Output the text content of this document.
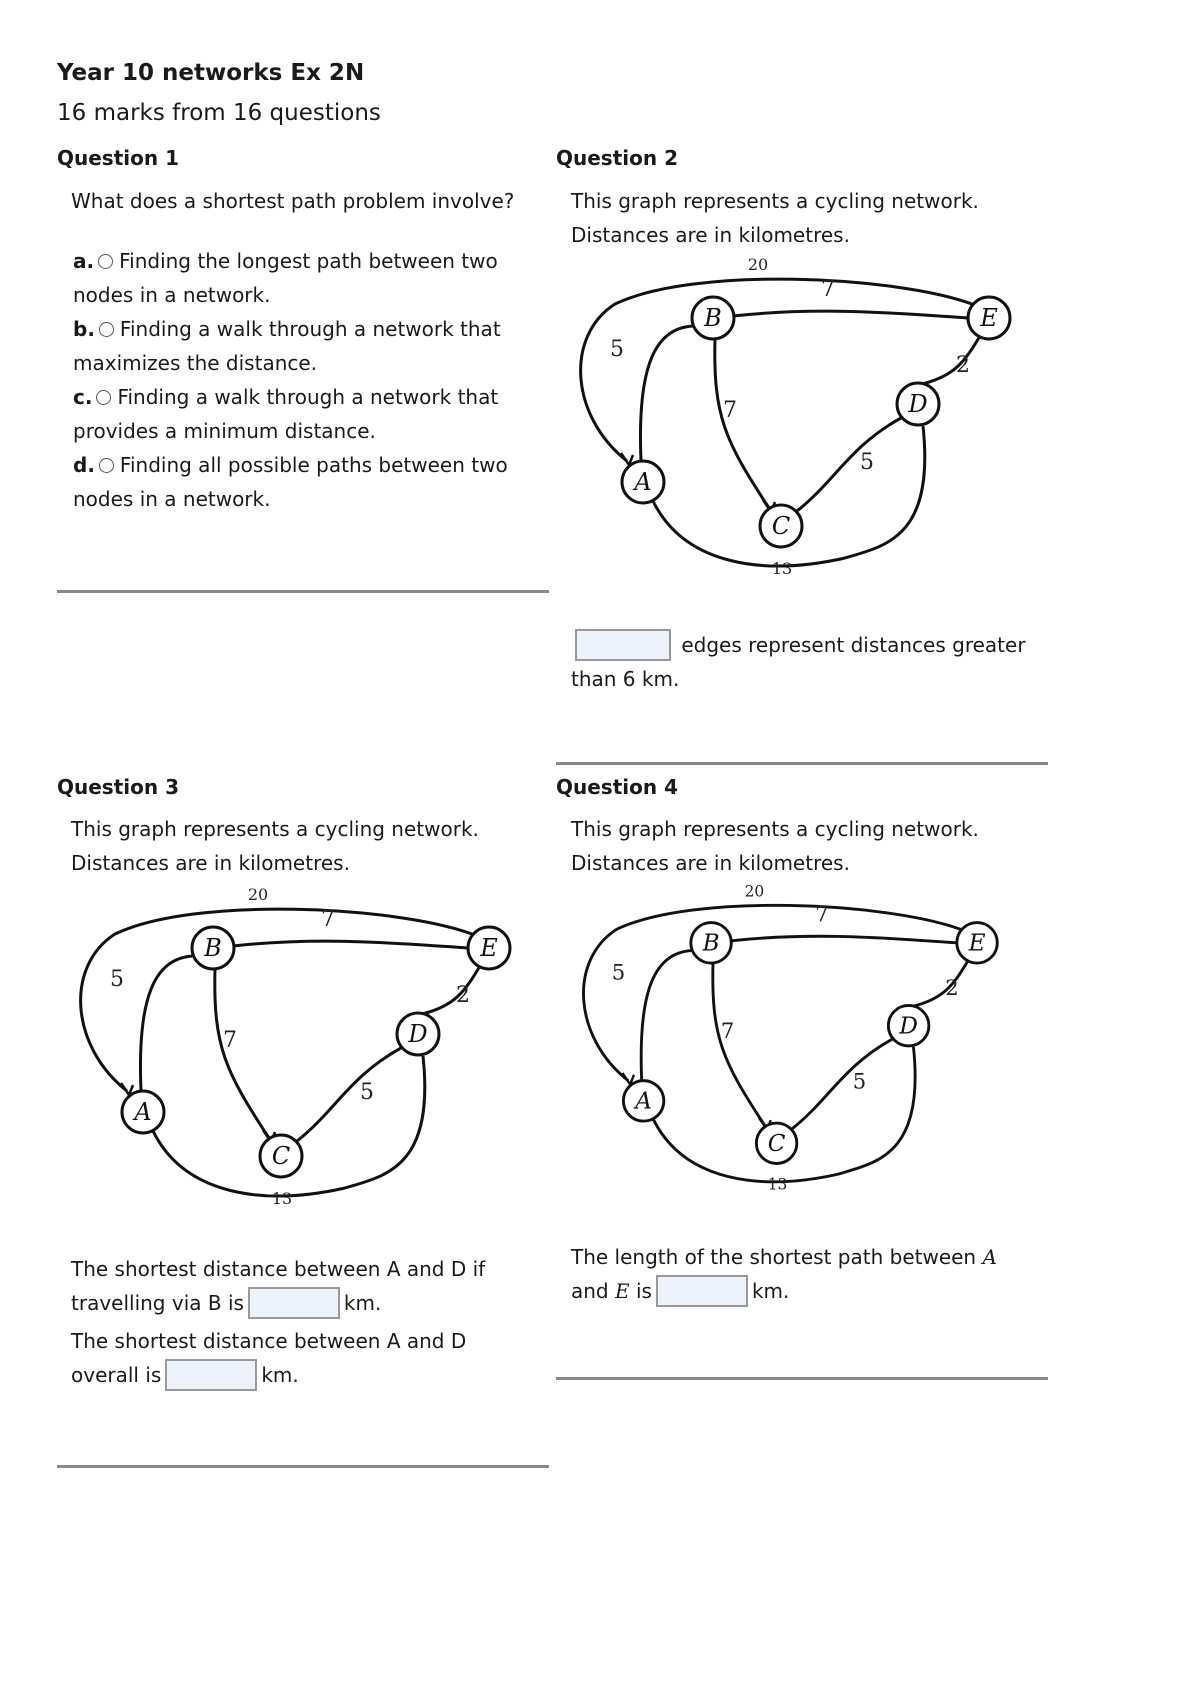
Year 10 networks Ex 2N
16 marks from 16 questions
Question 1
What does a shortest path problem involve?
a. Finding the longest path between two
nodes in a network.
b. Finding a walk through a network that
maximizes the distance.
c. Finding a walk through a network that
provides a minimum distance.
d. Finding all possible paths between two
nodes in a network.
Question 2
This graph represents a cycling network.
Distances are in kilometres.
20
7
5
7
2
5
13
A
B
C
D
E
edges represent distances greater
than 6 km.
Question 3
This graph represents a cycling network.
Distances are in kilometres.
20
7
5
7
2
5
13
A
B
C
D
E
The shortest distance between A and D if
travelling via B is	km.
The shortest distance between A and D
overall is	km.
Question 4
This graph represents a cycling network.
Distances are in kilometres.
20
7
5
7
2
5
13
A
B
C
D
E
The length of the shortest path between A
and E is	km.
